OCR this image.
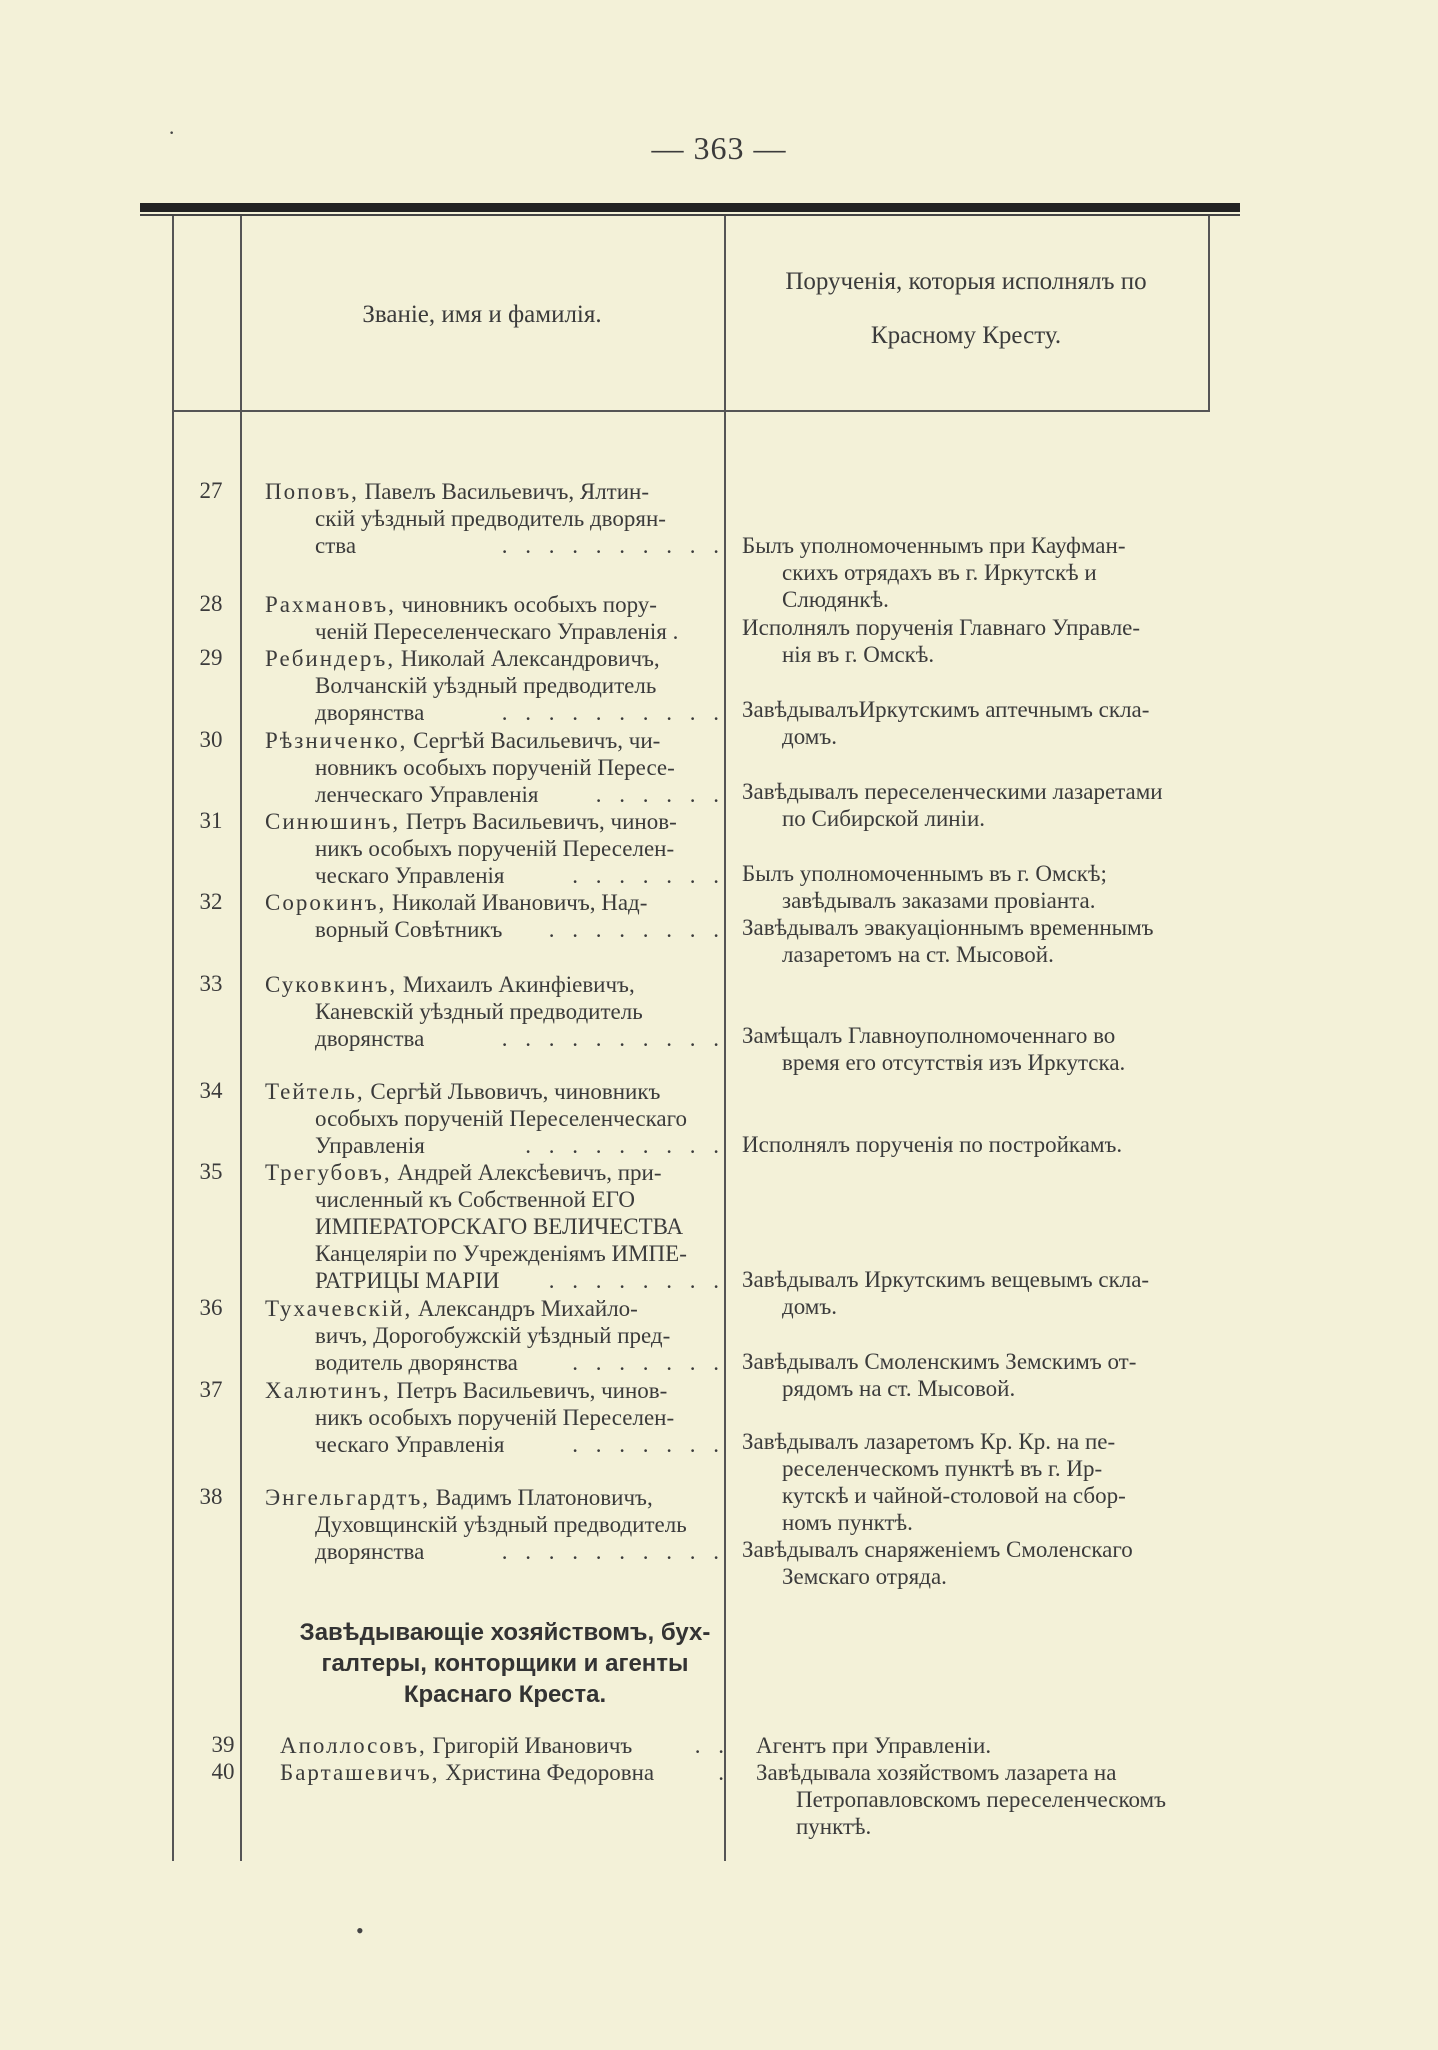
— 363 —
Званіе, имя и фамилія.
Порученія, которыя исполнялъ по
Красному Кресту.
27	Поповъ, Павелъ Васильевичъ, Ялтин-
скій уѣздный предводитель дворян-
ства	. . . . . . . . . . Былъ уполномоченнымъ при Кауфман-
скихъ отрядахъ въ г. Иркутскѣ и
Слюдянкѣ.
28	Рахмановъ, чиновникъ особыхъ пору-
ченій Переселенческаго Управленія .	Исполнялъ порученія Главнаго Управле-
нія въ г. Омскѣ.
29	Ребиндеръ, Николай Александровичъ,
Волчанскій уѣздный предводитель
дворянства	. . . . . . . . . . ЗавѣдывалъИркутскимъ аптечнымъ скла-
домъ.
30	Рѣзниченко, Сергѣй Васильевичъ, чи-
новникъ особыхъ порученій Пересе-
ленческаго Управленія . . . . . . Завѣдывалъ переселенческими лазаретами
по Сибирской линіи.
31	Синюшинъ, Петръ Васильевичъ, чинов-
никъ особыхъ порученій Переселен-
ческаго Управленія	. . . . . . . Былъ уполномоченнымъ въ г. Омскѣ;
завѣдывалъ заказами провіанта.
32	Сорокинъ, Николай Ивановичъ, Над-
ворный Совѣтникъ . . . . . . . . Завѣдывалъ эвакуаціоннымъ временнымъ
лазаретомъ на ст. Мысовой.
33	Суковкинъ, Михаилъ Акинфіевичъ,
Каневскій уѣздный предводитель
дворянства	. . . . . . . . . . Замѣщалъ Главноуполномоченнаго во
время его отсутствія изъ Иркутска.
34	Тейтель, Сергѣй Львовичъ, чиновникъ
особыхъ порученій Переселенческаго
Управленія	. . . . . . . . . Исполнялъ порученія по постройкамъ.
35	Трегубовъ, Андрей Алексѣевичъ, при-
численный къ Собственной ЕГО
ИМПЕРАТОРСКАГО ВЕЛИЧЕСТВА
Канцеляріи по Учрежденіямъ ИМПЕ-
РАТРИЦЫ МАРІИ . . . . . . . . Завѣдывалъ Иркутскимъ вещевымъ скла-
домъ.
36	Тухачевскій, Александръ Михайло-
вичъ, Дорогобужскій уѣздный пред-
водитель дворянства . . . . . . . Завѣдывалъ Смоленскимъ Земскимъ от-
рядомъ на ст. Мысовой.
37	Халютинъ, Петръ Васильевичъ, чинов-
никъ особыхъ порученій Переселен-
ческаго Управленія	. . . . . . . Завѣдывалъ лазаретомъ Кр. Кр. на пе-
реселенческомъ пунктѣ въ г. Ир-
кутскѣ и чайной-столовой на сбор-
номъ пунктѣ.
38	Энгельгардтъ, Вадимъ Платоновичъ,
Духовщинскій уѣздный предводитель
дворянства	. . . . . . . . . . Завѣдывалъ снаряженіемъ Смоленскаго
Земскаго отряда.
Завѣдывающіе хозяйствомъ, бух-
галтеры, конторщики и агенты
Краснаго Креста.
39	Аполлосовъ, Григорій Ивановичъ	. . Агентъ при Управленіи.
40	Барташевичъ, Христина Федоровна	. Завѣдывала хозяйствомъ лазарета на
Петропавловскомъ переселенческомъ
пунктѣ.
·
•
